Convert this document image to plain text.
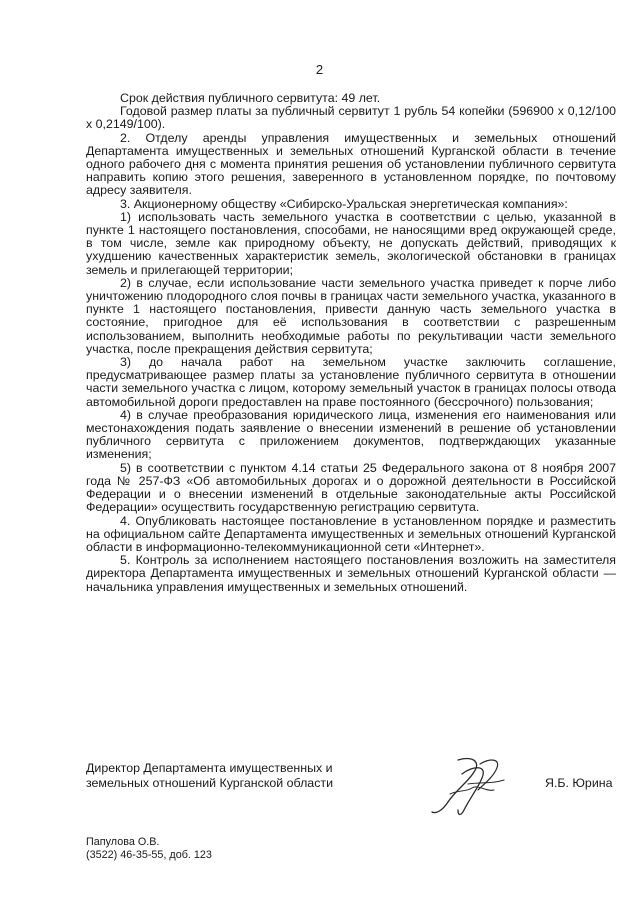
2

Срок действия публичного сервитута: 49 лет.

Годовой размер платы за публичный сервитут 1 рубль 54 копейки (596900 х 0,12/100 х 0,2149/100).

2. Отделу аренды управления имущественных и земельных отношений Департамента имущественных и земельных отношений Курганской области в течение одного рабочего дня с момента принятия решения об установлении публичного сервитута направить копию этого решения, заверенного в установленном порядке, по почтовому адресу заявителя.

3. Акционерному обществу «Сибирско-Уральская энергетическая компания»:

1) использовать часть земельного участка в соответствии с целью, указанной в пункте 1 настоящего постановления, способами, не наносящими вред окружающей среде, в том числе, земле как природному объекту, не допускать действий, приводящих к ухудшению качественных характеристик земель, экологической обстановки в границах земель и прилегающей территории;

2) в случае, если использование части земельного участка приведет к порче либо уничтожению плодородного слоя почвы в границах части земельного участка, указанного в пункте 1 настоящего постановления, привести данную часть земельного участка в состояние, пригодное для её использования в соответствии с разрешенным использованием, выполнить необходимые работы по рекультивации части земельного участка, после прекращения действия сервитута;

3) до начала работ на земельном участке заключить соглашение, предусматривающее размер платы за установление публичного сервитута в отношении части земельного участка с лицом, которому земельный участок в границах полосы отвода автомобильной дороги предоставлен на праве постоянного (бессрочного) пользования;

4) в случае преобразования юридического лица, изменения его наименования или местонахождения подать заявление о внесении изменений в решение об установлении публичного сервитута с приложением документов, подтверждающих указанные изменения;

5) в соответствии с пунктом 4.14 статьи 25 Федерального закона от 8 ноября 2007 года № 257-ФЗ «Об автомобильных дорогах и о дорожной деятельности в Российской Федерации и о внесении изменений в отдельные законодательные акты Российской Федерации» осуществить государственную регистрацию сервитута.

4. Опубликовать настоящее постановление в установленном порядке и разместить на официальном сайте Департамента имущественных и земельных отношений Курганской области в информационно-телекоммуникационной сети «Интернет».

5. Контроль за исполнением настоящего постановления возложить на заместителя директора Департамента имущественных и земельных отношений Курганской области — начальника управления имущественных и земельных отношений.

Директор Департамента имущественных и
земельных отношений Курганской области	Я.Б. Юрина
Папулова О.В.
(3522) 46-35-55, доб. 123
